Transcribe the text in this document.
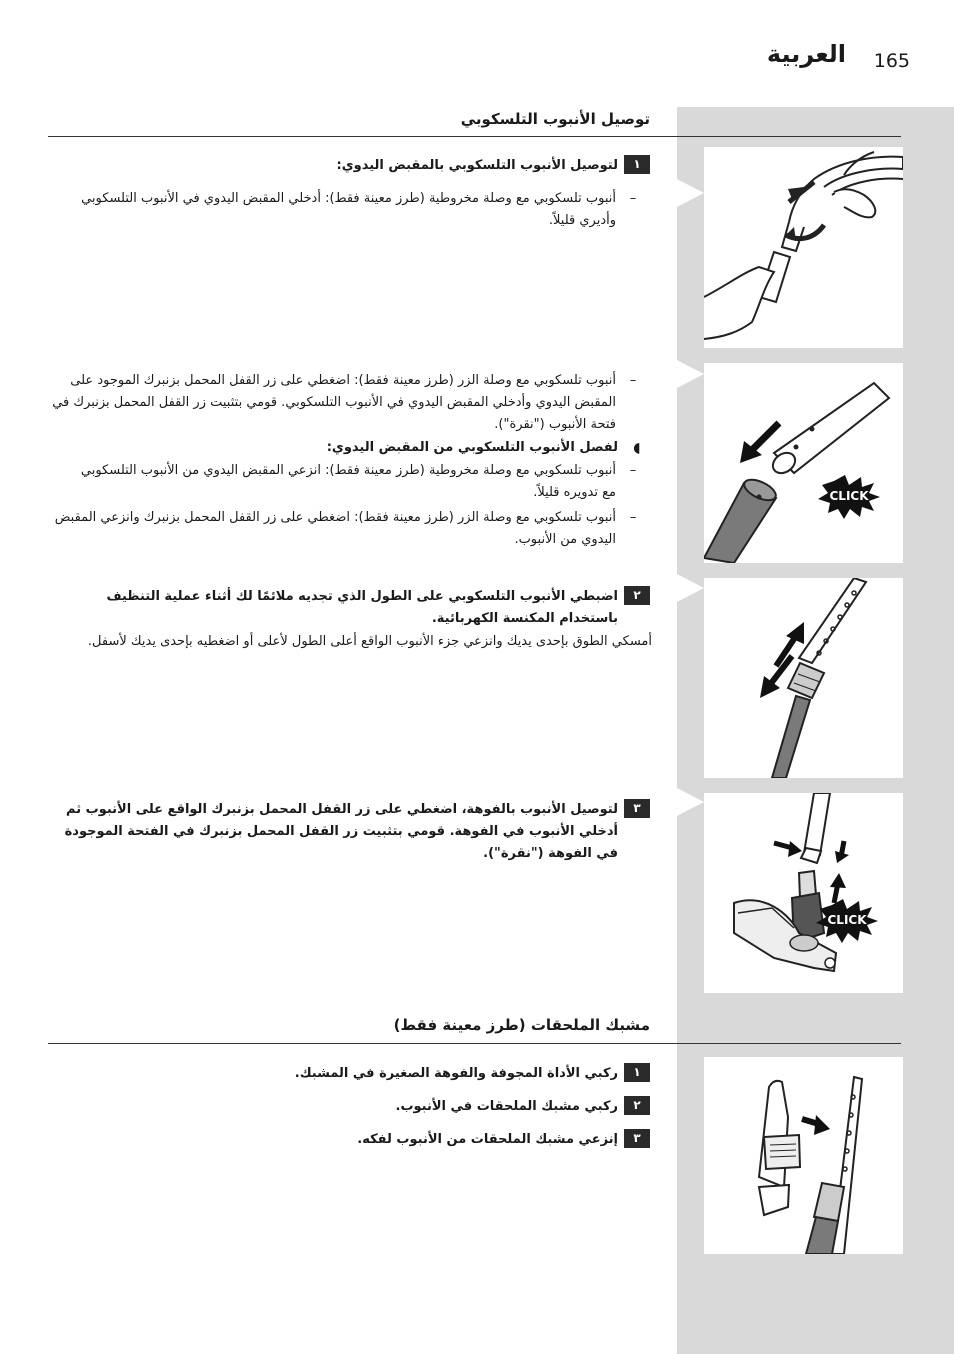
165
العربية
توصيل الأنبوب التلسكوبي
١
لتوصيل الأنبوب التلسكوبي بالمقبض اليدوي:
–
أنبوب تلسكوبي مع وصلة مخروطية (طرز معينة فقط): أدخلي المقبض اليدوي في الأنبوب التلسكوبي وأديري قليلاً.
–
أنبوب تلسكوبي مع وصلة الزر (طرز معينة فقط): اضغطي على زر القفل المحمل بزنبرك الموجود على المقبض اليدوي وأدخلي المقبض اليدوي في الأنبوب التلسكوبي. قومي بتثبيت زر القفل المحمل بزنبرك في فتحة الأنبوب ("نقرة").
◖
لفصل الأنبوب التلسكوبي من المقبض اليدوي:
–
أنبوب تلسكوبي مع وصلة مخروطية (طرز معينة فقط): انزعي المقبض اليدوي من الأنبوب التلسكوبي مع تدويره قليلاً.
–
أنبوب تلسكوبي مع وصلة الزر (طرز معينة فقط): اضغطي على زر القفل المحمل بزنبرك وانزعي المقبض اليدوي من الأنبوب.
٢
اضبطي الأنبوب التلسكوبي على الطول الذي تجديه ملائمًا لك أثناء عملية التنظيف باستخدام المكنسة الكهربائية.
أمسكي الطوق بإحدى يديك وانزعي جزء الأنبوب الواقع أعلى الطول لأعلى أو اضغطيه بإحدى يديك لأسفل.
٣
لتوصيل الأنبوب بالفوهة، اضغطي على زر القفل المحمل بزنبرك الواقع على الأنبوب ثم أدخلي الأنبوب في الفوهة. قومي بتثبيت زر القفل المحمل بزنبرك في الفتحة الموجودة في الفوهة ("نقرة").
مشبك الملحقات (طرز معينة فقط)
١
ركبي الأداة المجوفة والفوهة الصغيرة في المشبك.
٢
ركبي مشبك الملحقات في الأنبوب.
٣
إنزعي مشبك الملحقات من الأنبوب لفكه.
CLICK
CLICK
